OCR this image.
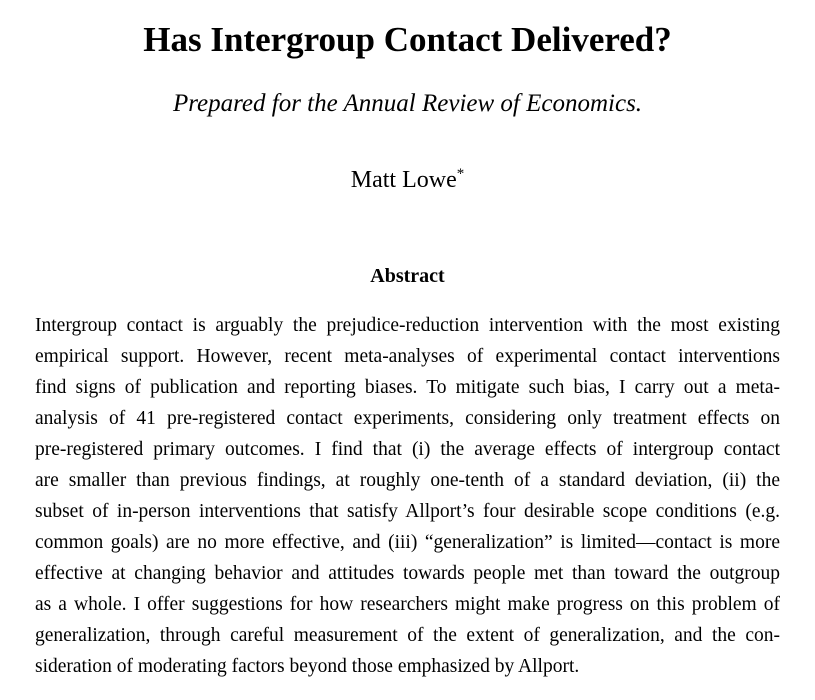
Has Intergroup Contact Delivered?
Prepared for the Annual Review of Economics.
Matt Lowe*
Abstract
Intergroup contact is arguably the prejudice-reduction intervention with the most existing
empirical support. However, recent meta-analyses of experimental contact interventions
find signs of publication and reporting biases. To mitigate such bias, I carry out a meta-
analysis of 41 pre-registered contact experiments, considering only treatment effects on
pre-registered primary outcomes. I find that (i) the average effects of intergroup contact
are smaller than previous findings, at roughly one-tenth of a standard deviation, (ii) the
subset of in-person interventions that satisfy Allport’s four desirable scope conditions (e.g.
common goals) are no more effective, and (iii) “generalization” is limited—contact is more
effective at changing behavior and attitudes towards people met than toward the outgroup
as a whole. I offer suggestions for how researchers might make progress on this problem of
generalization, through careful measurement of the extent of generalization, and the con-
sideration of moderating factors beyond those emphasized by Allport.
